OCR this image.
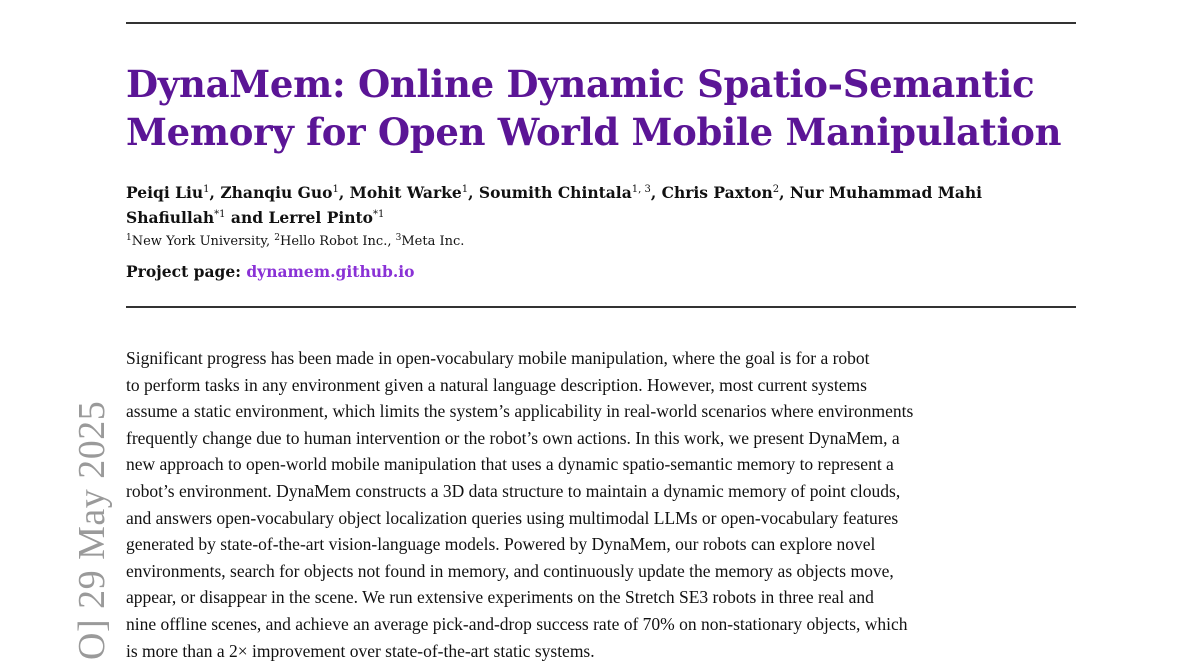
DynaMem: Online Dynamic Spatio-Semantic
Memory for Open World Mobile Manipulation
Peiqi Liu$^1$, Zhanqiu Guo$^1$, Mohit Warke$^1$, Soumith Chintala$^{1, 3}$, Chris Paxton$^2$, Nur Muhammad Mahi
Shafiullah$^{*1}$ and Lerrel Pinto$^{*1}$
$^1$New York University, $^2$Hello Robot Inc., $^3$Meta Inc.
Project page: dynamem.github.io
Significant progress has been made in open-vocabulary mobile manipulation, where the goal is for a robot
to perform tasks in any environment given a natural language description. However, most current systems
assume a static environment, which limits the system’s applicability in real-world scenarios where environments
frequently change due to human intervention or the robot’s own actions. In this work, we present DynaMem, a
new approach to open-world mobile manipulation that uses a dynamic spatio-semantic memory to represent a
robot’s environment. DynaMem constructs a 3D data structure to maintain a dynamic memory of point clouds,
and answers open-vocabulary object localization queries using multimodal LLMs or open-vocabulary features
generated by state-of-the-art vision-language models. Powered by DynaMem, our robots can explore novel
environments, search for objects not found in memory, and continuously update the memory as objects move,
appear, or disappear in the scene. We run extensive experiments on the Stretch SE3 robots in three real and
nine offline scenes, and achieve an average pick-and-drop success rate of 70% on non-stationary objects, which
is more than a 2× improvement over state-of-the-art static systems.
O] 29 May 2025
